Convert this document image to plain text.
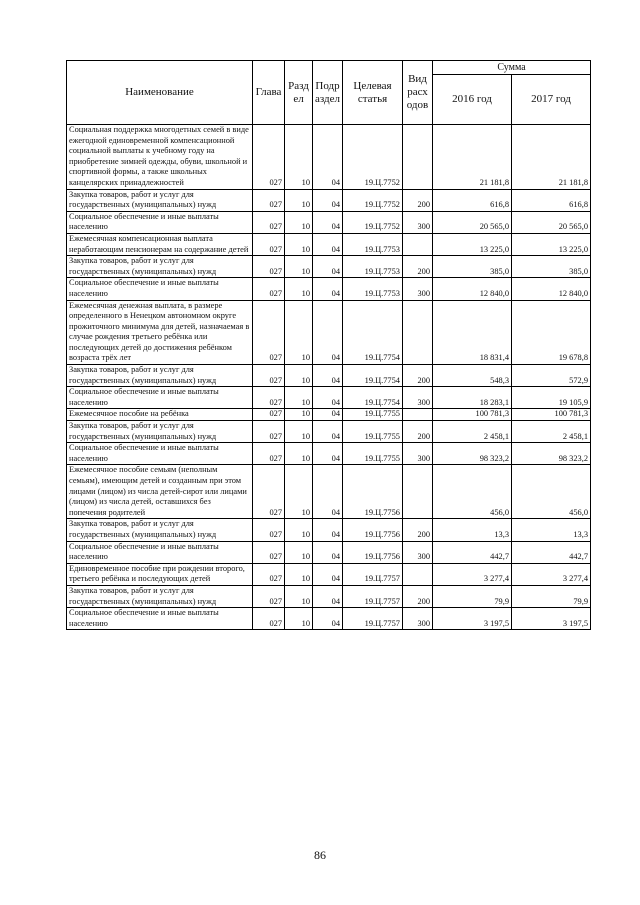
Наименование	Глава	Разд ел	Подр аздел	Целевая статья	Вид расх одов	Сумма	
						2016 год	2017 год
Социальная поддержка многодетных семей в виде ежегодной единовременной компенсационной социальной выплаты к учебному году на приобретение зимней одежды, обуви, школьной и спортивной формы, а также школьных канцелярских принадлежностей	027	10	04	19.Ц.7752		21 181,8	21 181,8
Закупка товаров, работ и услуг для государственных (муниципальных) нужд	027	10	04	19.Ц.7752	200	616,8	616,8
Социальное обеспечение и иные выплаты населению	027	10	04	19.Ц.7752	300	20 565,0	20 565,0
Ежемесячная компенсационная выплата неработающим пенсионерам на содержание детей	027	10	04	19.Ц.7753		13 225,0	13 225,0
Закупка товаров, работ и услуг для государственных (муниципальных) нужд	027	10	04	19.Ц.7753	200	385,0	385,0
Социальное обеспечение и иные выплаты населению	027	10	04	19.Ц.7753	300	12 840,0	12 840,0
Ежемесячная денежная выплата, в размере определенного в Ненецком автономном округе прожиточного минимума для детей, назначаемая в случае рождения третьего ребёнка или последующих детей до достижения ребёнком возраста трёх лет	027	10	04	19.Ц.7754		18 831,4	19 678,8
Закупка товаров, работ и услуг для государственных (муниципальных) нужд	027	10	04	19.Ц.7754	200	548,3	572,9
Социальное обеспечение и иные выплаты населению	027	10	04	19.Ц.7754	300	18 283,1	19 105,9
Ежемесячное пособие на ребёнка	027	10	04	19.Ц.7755		100 781,3	100 781,3
Закупка товаров, работ и услуг для государственных (муниципальных) нужд	027	10	04	19.Ц.7755	200	2 458,1	2 458,1
Социальное обеспечение и иные выплаты населению	027	10	04	19.Ц.7755	300	98 323,2	98 323,2
Ежемесячное пособие семьям (неполным семьям), имеющим детей и созданным при этом лицами (лицом) из числа детей-сирот или лицами (лицом) из числа детей, оставшихся без попечения родителей	027	10	04	19.Ц.7756		456,0	456,0
Закупка товаров, работ и услуг для государственных (муниципальных) нужд	027	10	04	19.Ц.7756	200	13,3	13,3
Социальное обеспечение и иные выплаты населению	027	10	04	19.Ц.7756	300	442,7	442,7
Единовременное пособие при рождении второго, третьего ребёнка и последующих детей	027	10	04	19.Ц.7757		3 277,4	3 277,4
Закупка товаров, работ и услуг для государственных (муниципальных) нужд	027	10	04	19.Ц.7757	200	79,9	79,9
Социальное обеспечение и иные выплаты населению	027	10	04	19.Ц.7757	300	3 197,5	3 197,5
86
